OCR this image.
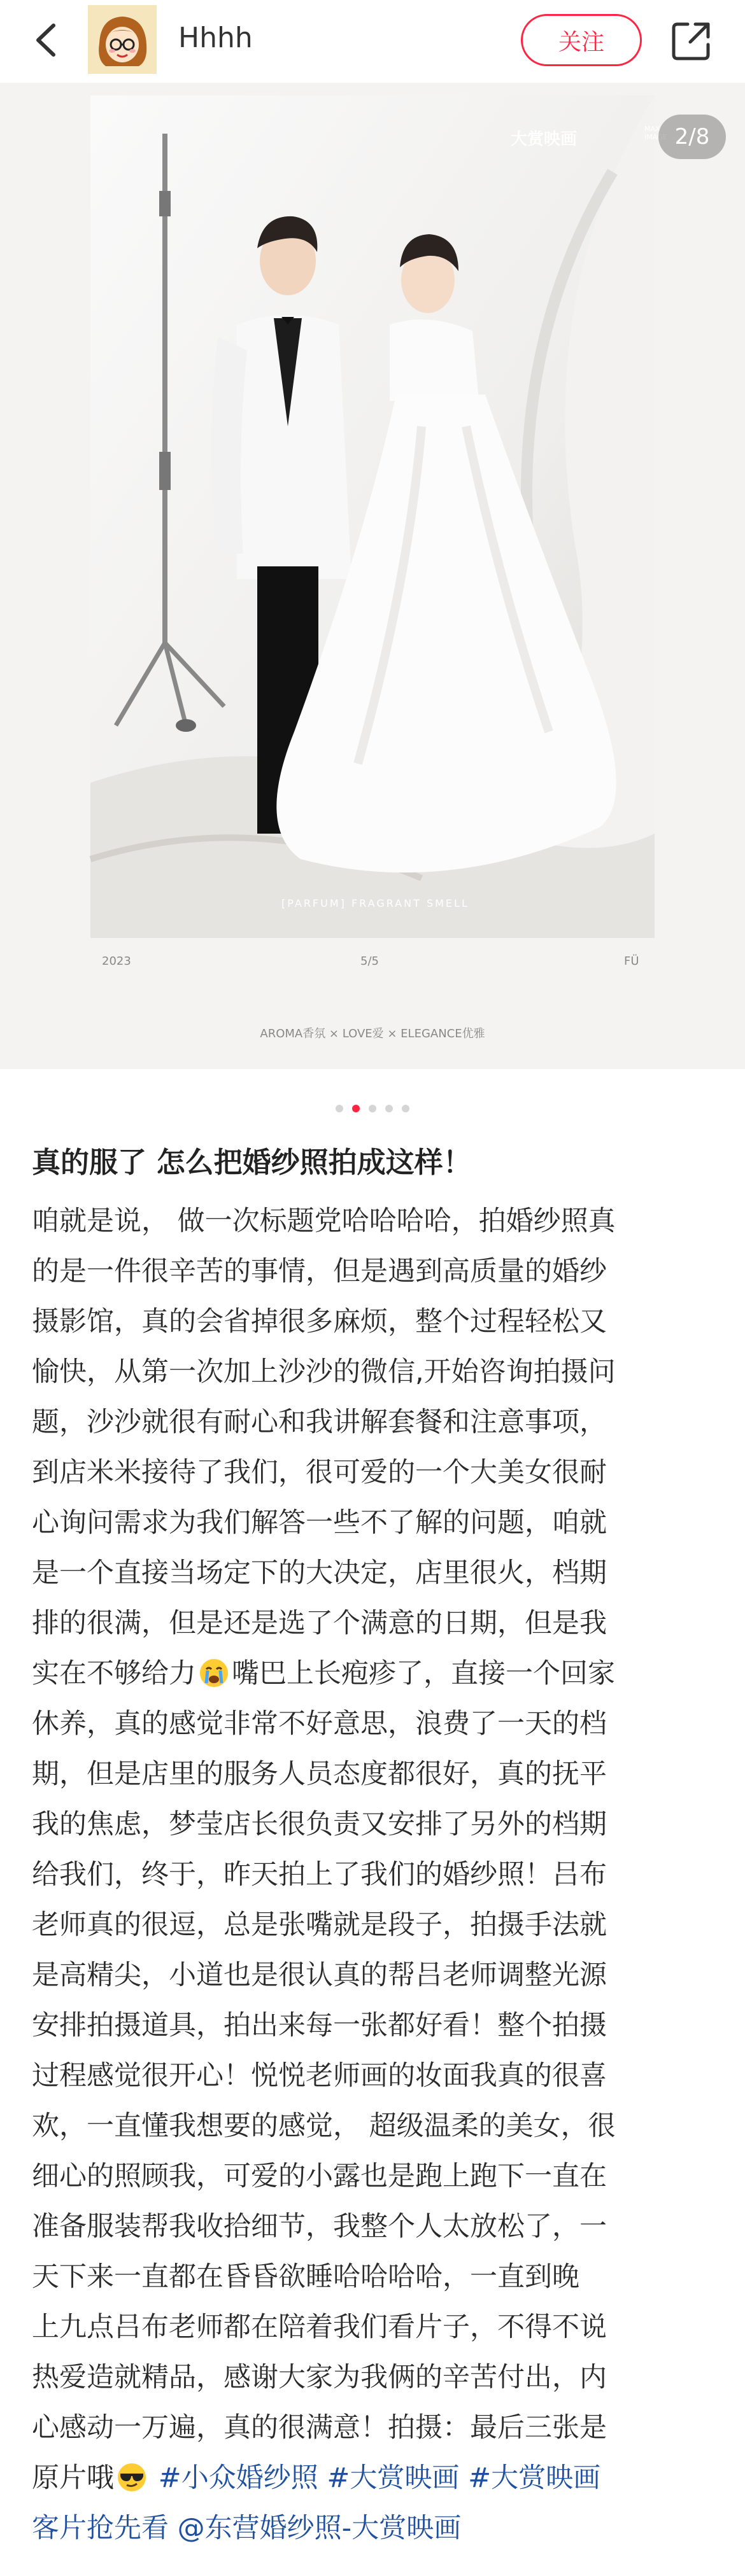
Hhhh	关注
大赏映画
MAX IMAGE
[PARFUM] FRAGRANT SMELL
2/8
2023	5/5	FÜ
AROMA香氛 × LOVE爱 × ELEGANCE优雅
真的服了 怎么把婚纱照拍成这样！
咱就是说， 做一次标题党哈哈哈哈，拍婚纱照真
的是一件很辛苦的事情，但是遇到高质量的婚纱
摄影馆，真的会省掉很多麻烦，整个过程轻松又
愉快，从第一次加上沙沙的微信,开始咨询拍摄问
题，沙沙就很有耐心和我讲解套餐和注意事项，
到店米米接待了我们，很可爱的一个大美女很耐
心询问需求为我们解答一些不了解的问题，咱就
是一个直接当场定下的大决定，店里很火，档期
排的很满，但是还是选了个满意的日期，但是我
实在不够给力 嘴巴上长疱疹了，直接一个回家
休养，真的感觉非常不好意思，浪费了一天的档
期，但是店里的服务人员态度都很好，真的抚平
我的焦虑，梦莹店长很负责又安排了另外的档期
给我们，终于，昨天拍上了我们的婚纱照！吕布
老师真的很逗，总是张嘴就是段子，拍摄手法就
是高精尖，小道也是很认真的帮吕老师调整光源
安排拍摄道具，拍出来每一张都好看！整个拍摄
过程感觉很开心！悦悦老师画的妆面我真的很喜
欢，一直懂我想要的感觉， 超级温柔的美女，很
细心的照顾我，可爱的小露也是跑上跑下一直在
准备服装帮我收拾细节，我整个人太放松了，一
天下来一直都在昏昏欲睡哈哈哈哈，一直到晚
上九点吕布老师都在陪着我们看片子，不得不说
热爱造就精品，感谢大家为我俩的辛苦付出，内
心感动一万遍，真的很满意！拍摄：最后三张是
原片哦 #小众婚纱照 #大赏映画 #大赏映画
客片抢先看 @东营婚纱照-大赏映画
